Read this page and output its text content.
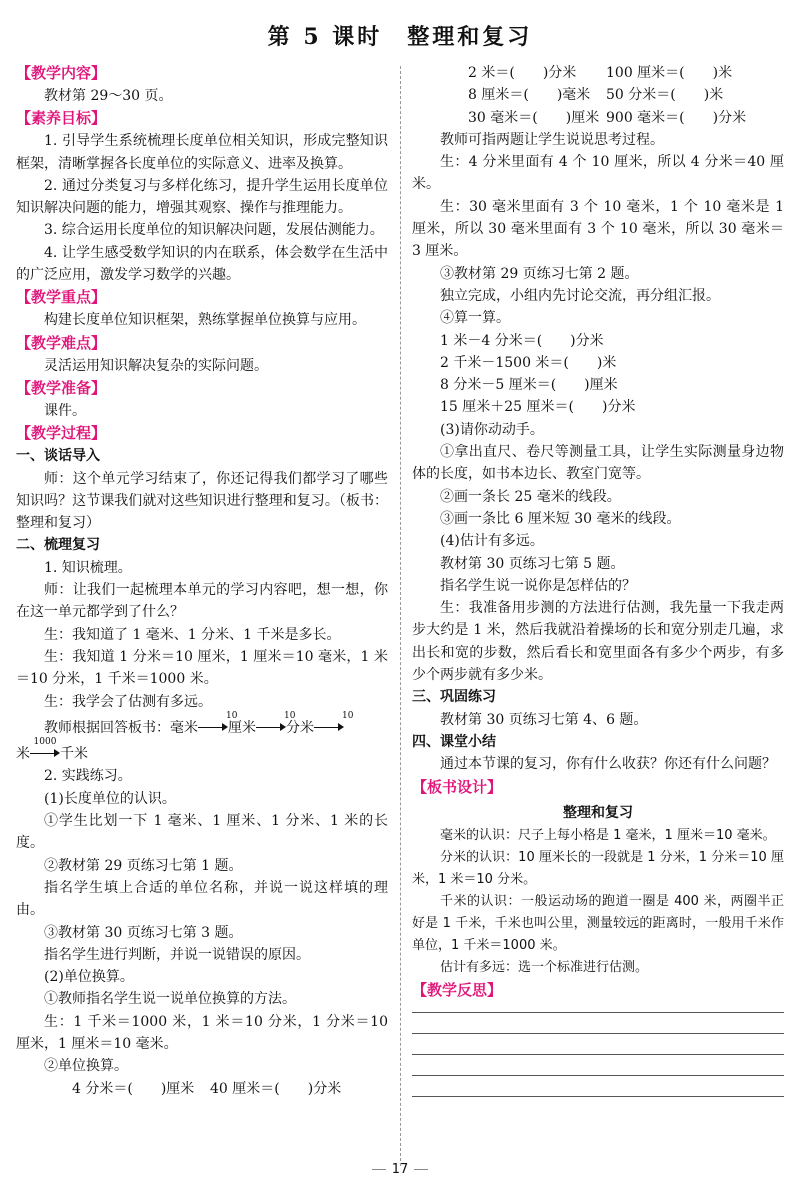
第 5 课时　整理和复习

【教学内容】

教材第 29～30 页。

【素养目标】

1. 引导学生系统梳理长度单位相关知识，形成完整知识框架，清晰掌握各长度单位的实际意义、进率及换算。

2. 通过分类复习与多样化练习，提升学生运用长度单位知识解决问题的能力，增强其观察、操作与推理能力。

3. 综合运用长度单位的知识解决问题，发展估测能力。

4. 让学生感受数学知识的内在联系，体会数学在生活中的广泛应用，激发学习数学的兴趣。

【教学重点】

构建长度单位知识框架，熟练掌握单位换算与应用。

【教学难点】

灵活运用知识解决复杂的实际问题。

【教学准备】

课件。

【教学过程】

一、谈话导入

师：这个单元学习结束了，你还记得我们都学习了哪些知识吗？这节课我们就对这些知识进行整理和复习。（板书：整理和复习）

二、梳理复习

1. 知识梳理。

师：让我们一起梳理本单元的学习内容吧，想一想，你在这一单元都学到了什么？

生：我知道了 1 毫米、1 分米、1 千米是多长。

生：我知道 1 分米＝10 厘米，1 厘米＝10 毫米，1 米＝10 分米，1 千米＝1000 米。

生：我学会了估测有多远。

教师根据回答板书：毫米
10
厘米
10
分米
10

米
1000
千米

2. 实践练习。

(1)长度单位的认识。

①学生比划一下 1 毫米、1 厘米、1 分米、1 米的长度。

②教材第 29 页练习七第 1 题。

指名学生填上合适的单位名称，并说一说这样填的理由。

③教材第 30 页练习七第 3 题。

指名学生进行判断，并说一说错误的原因。

(2)单位换算。

①教师指名学生说一说单位换算的方法。

生：1 千米＝1000 米，1 米＝10 分米，1 分米＝10 厘米，1 厘米＝10 毫米。

②单位换算。

4 分米＝(　　)厘米 40 厘米＝(　　)分米

2 米＝(　　)分米 100 厘米＝(　　)米

8 厘米＝(　　)毫米 50 分米＝(　　)米

30 毫米＝(　　)厘米 900 毫米＝(　　)分米

教师可指两题让学生说说思考过程。

生：4 分米里面有 4 个 10 厘米，所以 4 分米＝40 厘米。

生：30 毫米里面有 3 个 10 毫米，1 个 10 毫米是 1 厘米，所以 30 毫米里面有 3 个 10 毫米，所以 30 毫米＝3 厘米。

③教材第 29 页练习七第 2 题。

独立完成，小组内先讨论交流，再分组汇报。

④算一算。

1 米－4 分米＝(　　)分米

2 千米－1500 米＝(　　)米

8 分米－5 厘米＝(　　)厘米

15 厘米＋25 厘米＝(　　)分米

(3)请你动动手。

①拿出直尺、卷尺等测量工具，让学生实际测量身边物体的长度，如书本边长、教室门宽等。

②画一条长 25 毫米的线段。

③画一条比 6 厘米短 30 毫米的线段。

(4)估计有多远。

教材第 30 页练习七第 5 题。

指名学生说一说你是怎样估的？

生：我准备用步测的方法进行估测，我先量一下我走两步大约是 1 米，然后我就沿着操场的长和宽分别走几遍，求出长和宽的步数，然后看长和宽里面各有多少个两步，有多少个两步就有多少米。

三、巩固练习

教材第 30 页练习七第 4、6 题。

四、课堂小结

通过本节课的复习，你有什么收获？你还有什么问题？

【板书设计】

整理和复习

毫米的认识：尺子上每小格是 1 毫米，1 厘米＝10 毫米。

分米的认识：10 厘米长的一段就是 1 分米，1 分米＝10 厘米，1 米＝10 分米。

千米的认识：一般运动场的跑道一圈是 400 米，两圈半正好是 1 千米，千米也叫公里，测量较远的距离时，一般用千米作单位，1 千米＝1000 米。

估计有多远：选一个标准进行估测。

【教学反思】

17
